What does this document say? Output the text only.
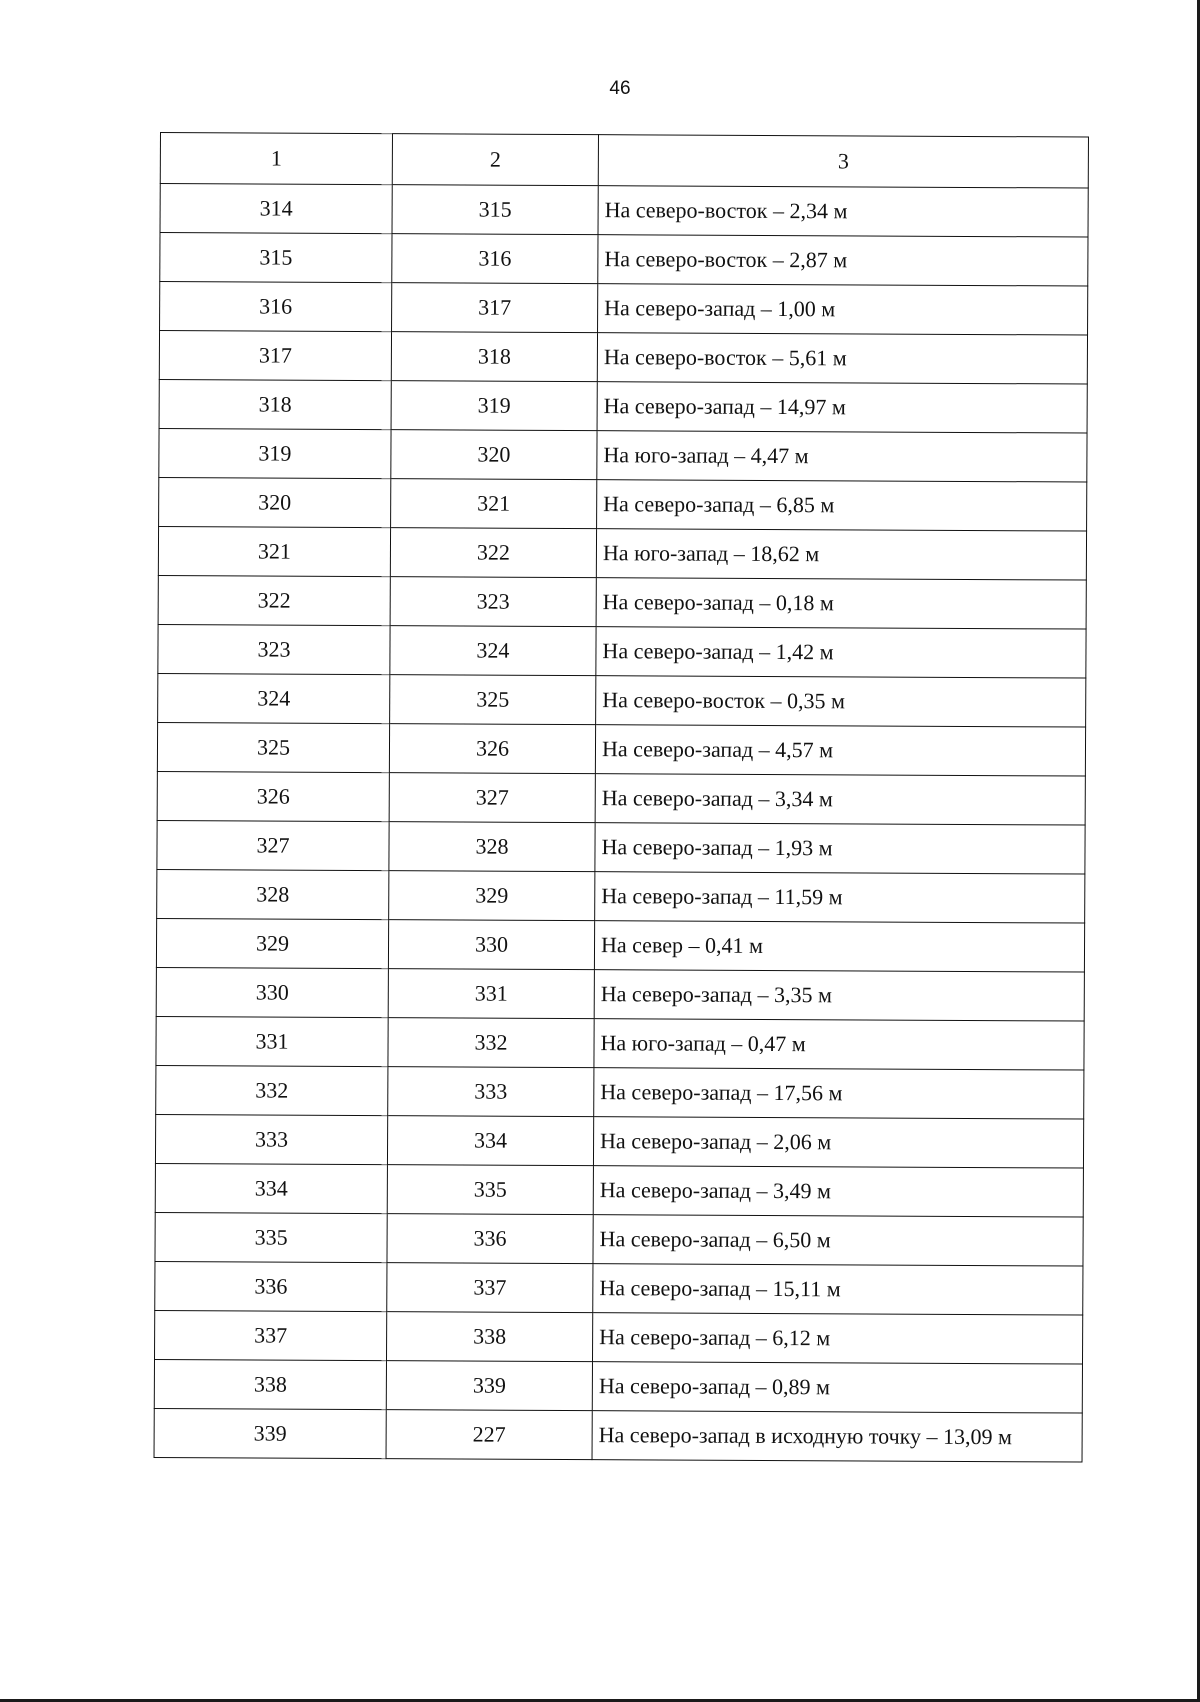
46
1	2	3
314	315	На северо-восток – 2,34 м
315	316	На северо-восток – 2,87 м
316	317	На северо-запад – 1,00 м
317	318	На северо-восток – 5,61 м
318	319	На северо-запад – 14,97 м
319	320	На юго-запад – 4,47 м
320	321	На северо-запад – 6,85 м
321	322	На юго-запад – 18,62 м
322	323	На северо-запад – 0,18 м
323	324	На северо-запад – 1,42 м
324	325	На северо-восток – 0,35 м
325	326	На северо-запад – 4,57 м
326	327	На северо-запад – 3,34 м
327	328	На северо-запад – 1,93 м
328	329	На северо-запад – 11,59 м
329	330	На север – 0,41 м
330	331	На северо-запад – 3,35 м
331	332	На юго-запад – 0,47 м
332	333	На северо-запад – 17,56 м
333	334	На северо-запад – 2,06 м
334	335	На северо-запад – 3,49 м
335	336	На северо-запад – 6,50 м
336	337	На северо-запад – 15,11 м
337	338	На северо-запад – 6,12 м
338	339	На северо-запад – 0,89 м
339	227	На северо-запад в исходную точку – 13,09 м
